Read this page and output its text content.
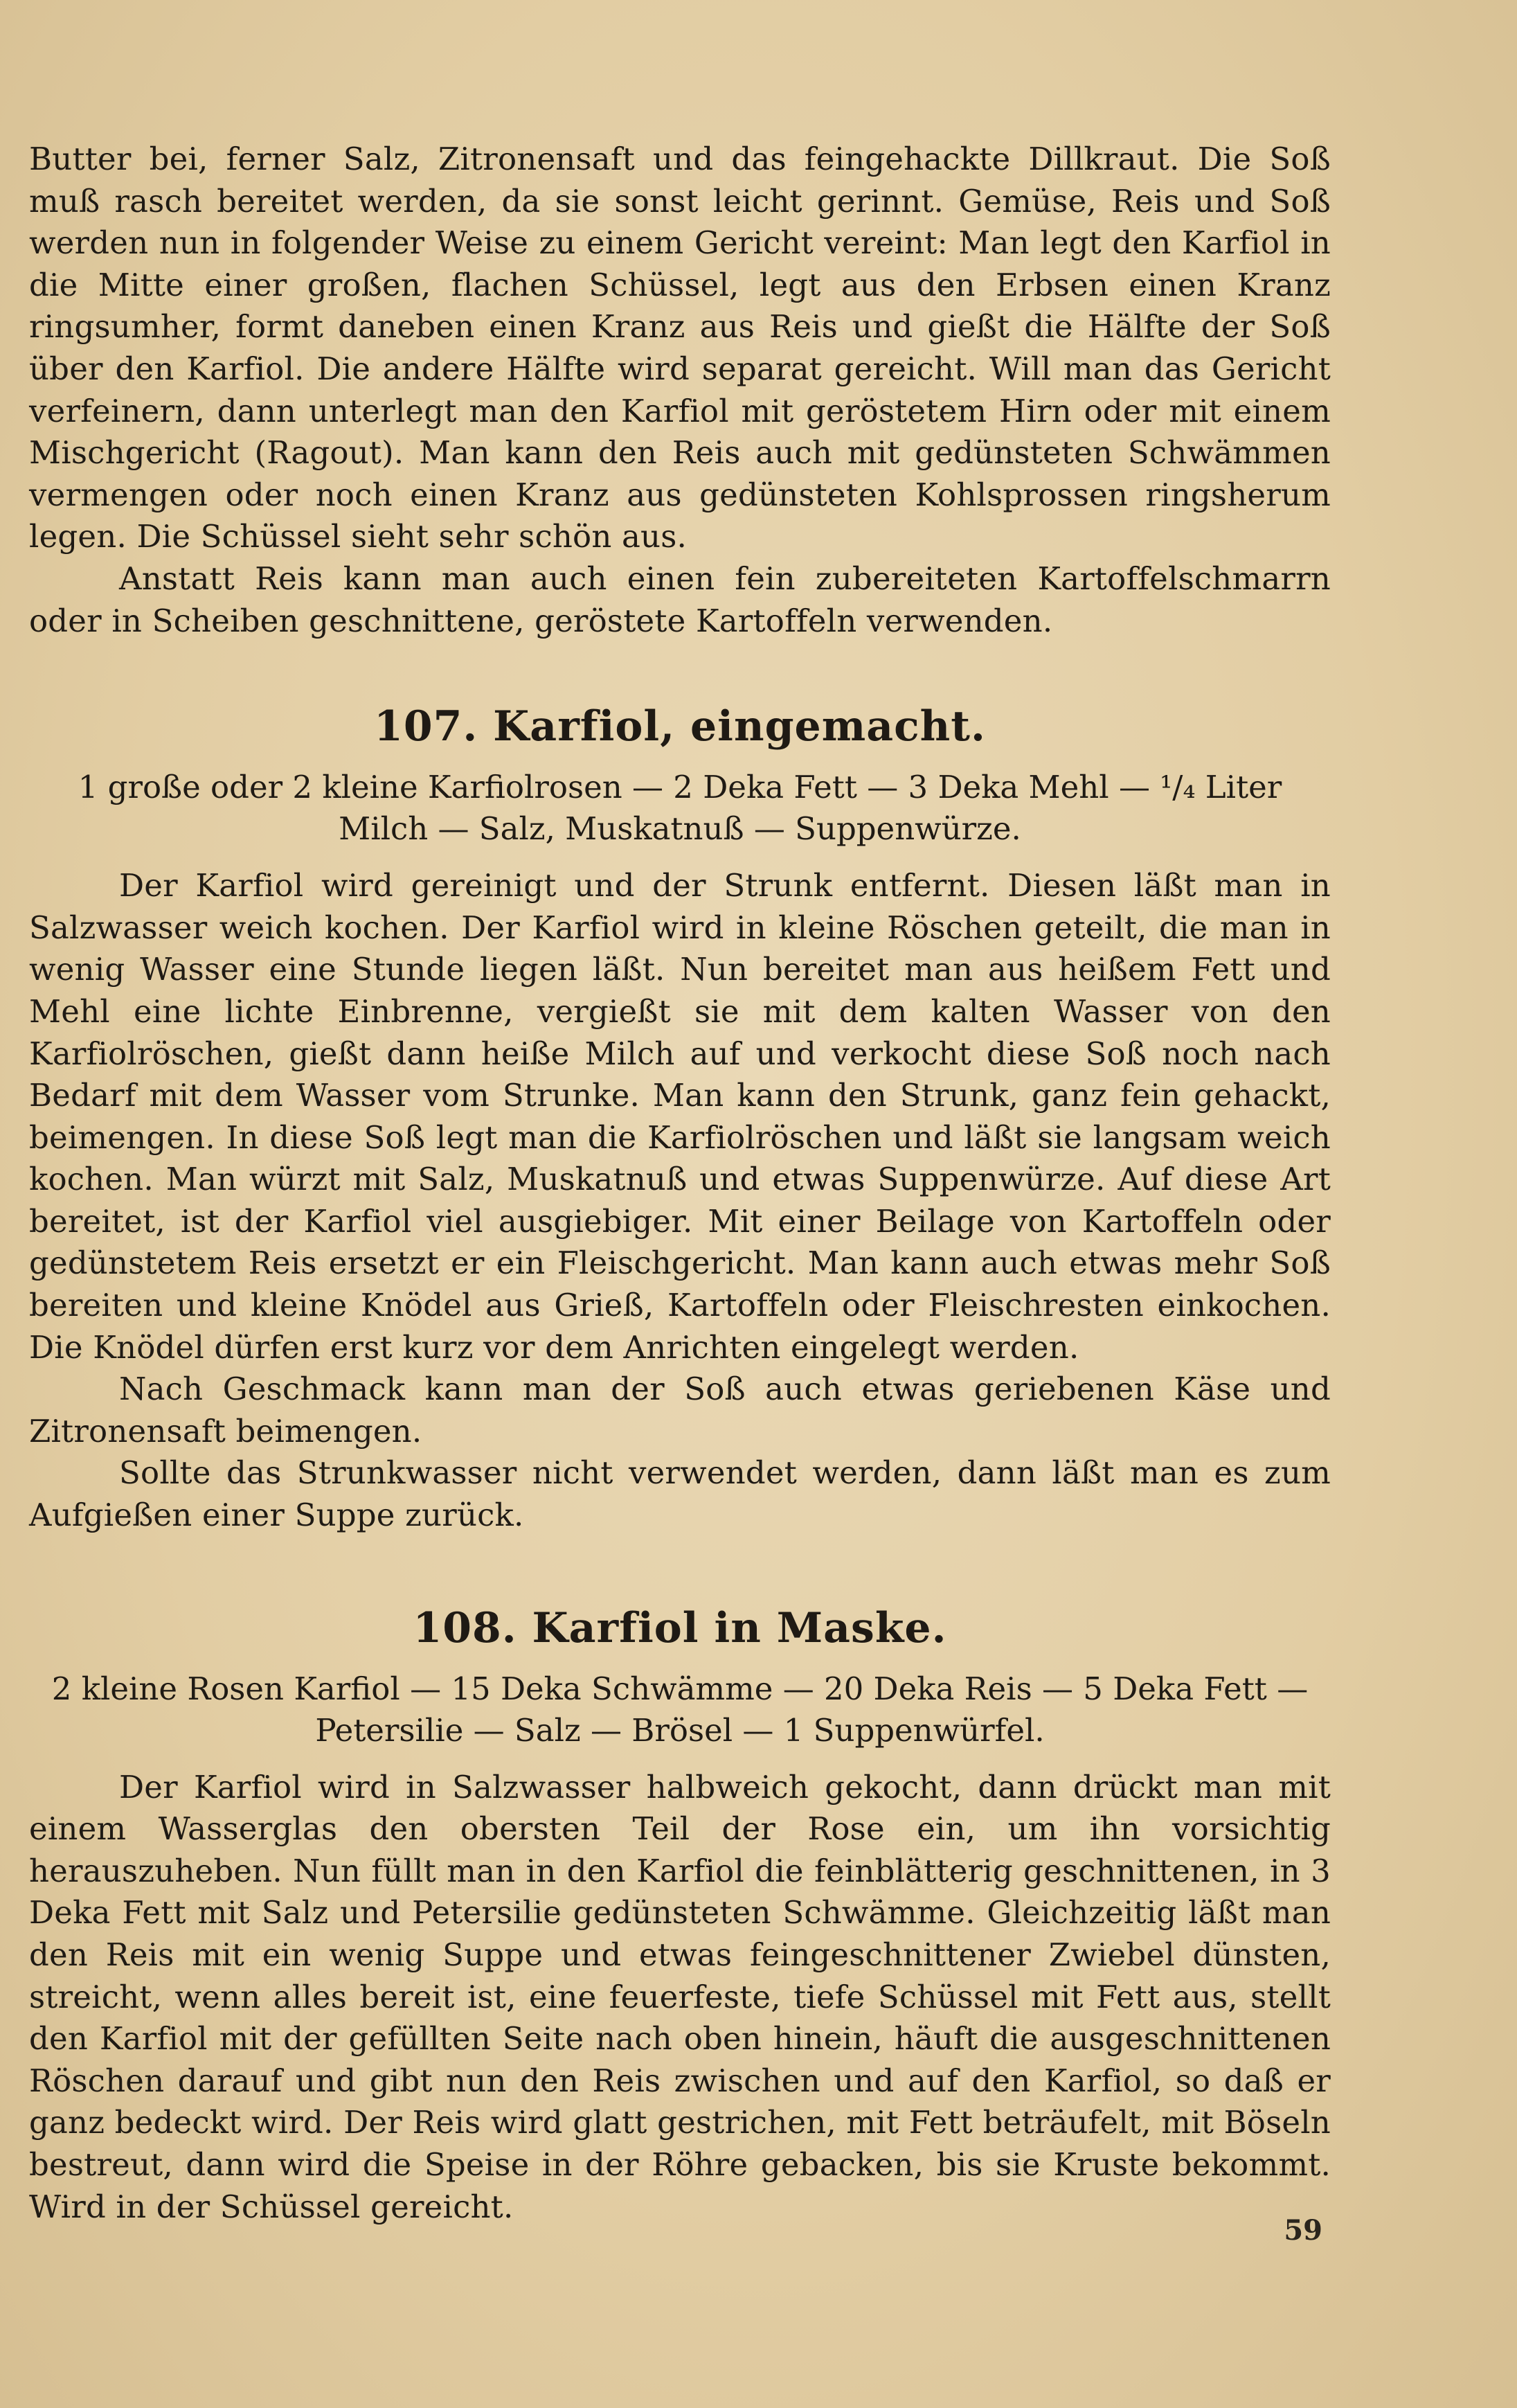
Butter bei, ferner Salz, Zitronensaft und das feingehackte Dillkraut. Die Soß muß rasch bereitet werden, da sie sonst leicht gerinnt. Gemüse, Reis und Soß werden nun in folgender Weise zu einem Gericht vereint: Man legt den Karfiol in die Mitte einer großen, flachen Schüssel, legt aus den Erbsen einen Kranz ringsumher, formt daneben einen Kranz aus Reis und gießt die Hälfte der Soß über den Karfiol. Die andere Hälfte wird separat gereicht. Will man das Gericht verfeinern, dann unterlegt man den Karfiol mit geröstetem Hirn oder mit einem Mischgericht (Ragout). Man kann den Reis auch mit gedünsteten Schwämmen vermengen oder noch einen Kranz aus gedünsteten Kohlsprossen ringsherum legen. Die Schüssel sieht sehr schön aus.

Anstatt Reis kann man auch einen fein zubereiteten Kartoffelschmarrn oder in Scheiben geschnittene, geröstete Kartoffeln verwenden.

107. Karfiol, eingemacht.

1 große oder 2 kleine Karfiolrosen — 2 Deka Fett — 3 Deka Mehl — ¹/₄ Liter Milch — Salz, Muskatnuß — Suppenwürze.

Der Karfiol wird gereinigt und der Strunk entfernt. Diesen läßt man in Salzwasser weich kochen. Der Karfiol wird in kleine Röschen geteilt, die man in wenig Wasser eine Stunde liegen läßt. Nun bereitet man aus heißem Fett und Mehl eine lichte Einbrenne, vergießt sie mit dem kalten Wasser von den Karfiolröschen, gießt dann heiße Milch auf und verkocht diese Soß noch nach Bedarf mit dem Wasser vom Strunke. Man kann den Strunk, ganz fein gehackt, beimengen. In diese Soß legt man die Karfiolröschen und läßt sie langsam weich kochen. Man würzt mit Salz, Muskatnuß und etwas Suppenwürze. Auf diese Art bereitet, ist der Karfiol viel ausgiebiger. Mit einer Beilage von Kartoffeln oder gedünstetem Reis ersetzt er ein Fleischgericht. Man kann auch etwas mehr Soß bereiten und kleine Knödel aus Grieß, Kartoffeln oder Fleischresten einkochen. Die Knödel dürfen erst kurz vor dem Anrichten eingelegt werden.

Nach Geschmack kann man der Soß auch etwas geriebenen Käse und Zitronensaft beimengen.

Sollte das Strunkwasser nicht verwendet werden, dann läßt man es zum Aufgießen einer Suppe zurück.

108. Karfiol in Maske.

2 kleine Rosen Karfiol — 15 Deka Schwämme — 20 Deka Reis — 5 Deka Fett — Petersilie — Salz — Brösel — 1 Suppenwürfel.

Der Karfiol wird in Salzwasser halbweich gekocht, dann drückt man mit einem Wasserglas den obersten Teil der Rose ein, um ihn vorsichtig herauszuheben. Nun füllt man in den Karfiol die feinblätterig geschnittenen, in 3 Deka Fett mit Salz und Petersilie gedünsteten Schwämme. Gleichzeitig läßt man den Reis mit ein wenig Suppe und etwas feingeschnittener Zwiebel dünsten, streicht, wenn alles bereit ist, eine feuerfeste, tiefe Schüssel mit Fett aus, stellt den Karfiol mit der gefüllten Seite nach oben hinein, häuft die ausgeschnittenen Röschen darauf und gibt nun den Reis zwischen und auf den Karfiol, so daß er ganz bedeckt wird. Der Reis wird glatt gestrichen, mit Fett beträufelt, mit Böseln bestreut, dann wird die Speise in der Röhre gebacken, bis sie Kruste bekommt. Wird in der Schüssel gereicht.

59
